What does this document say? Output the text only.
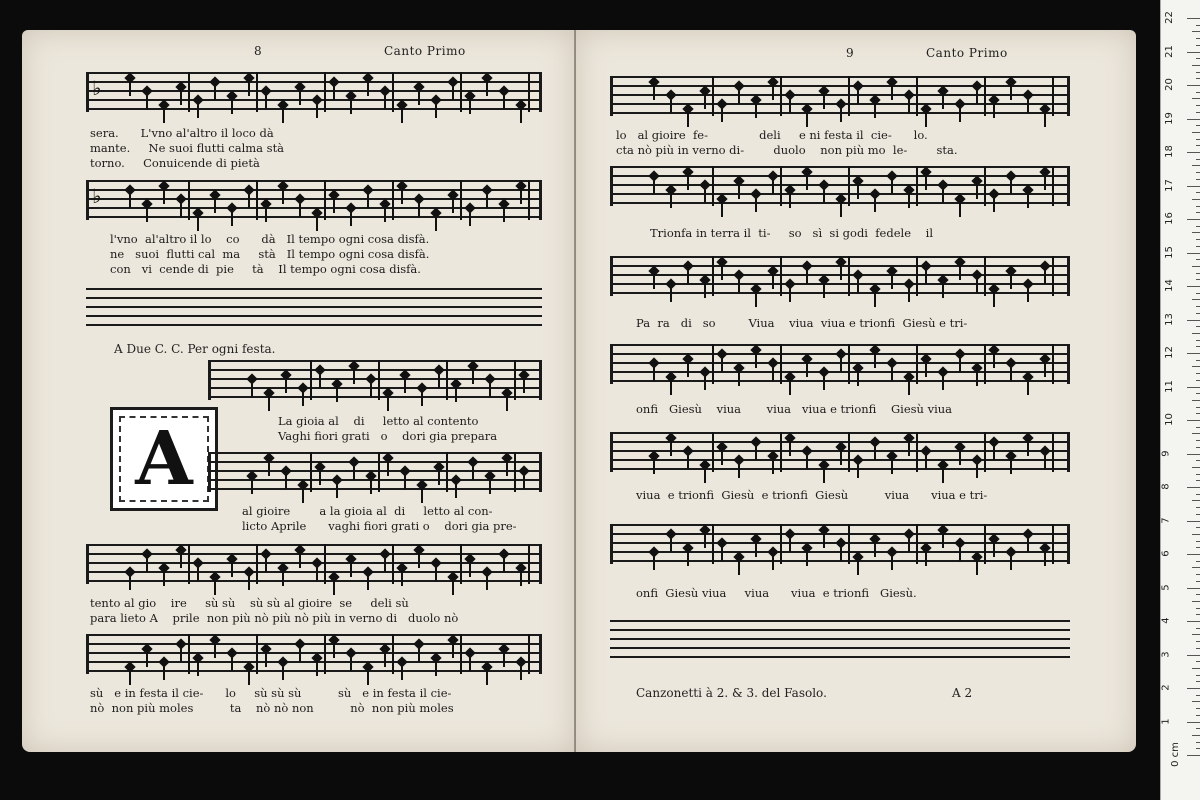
8	Canto Primo
♭
sera.      L'vno al'altro il loco dà
mante.     Ne suoi flutti calma stà
torno.     Conuicende di pietà
♭
l'vno  al'altro il lo    co      dà   Il tempo ogni cosa disfà.
ne   suoi  flutti cal  ma     stà   Il tempo ogni cosa disfà.
con   vi  cende di  pie     tà    Il tempo ogni cosa disfà.
A Due C. C. Per ogni festa.
A	La gioia al    di     letto al contento
Vaghi fiori grati   o    dori gia prepara
al gioire        a la gioia al  di     letto al con-
licto Aprile      vaghi fiori grati o    dori gia pre-
tento al gio    ire     sù sù    sù sù al gioire  se     deli sù
para lieto A    prile  non più nò più nò più in verno di   duolo nò
sù   e in festa il cie-      lo     sù sù sù          sù   e in festa il cie-
nò  non più moles          ta    nò nò non          nò  non più moles
9	Canto Primo
lo   al gioire  fe-              deli     e ni festa il  cie-      lo.
cta nò più in verno di-        duolo    non più mo  le-        sta.
Trionfa in terra il  ti-     so   sì  si godi  fedele    il
Pa  ra   di   so         Viua    viua  viua e trionfi  Giesù e tri-
onfi   Giesù    viua       viua   viua e trionfi    Giesù viua
viua  e trionfi  Giesù  e trionfi  Giesù          viua      viua e tri-
onfi  Giesù viua     viua      viua  e trionfi   Giesù.
Canzonetti à 2. & 3. del Fasolo.	A 2
22
21
20
19
18
17
16
15
14
13
12
11
10
9
8
7
6
5
4
3
2
1
0 cm
